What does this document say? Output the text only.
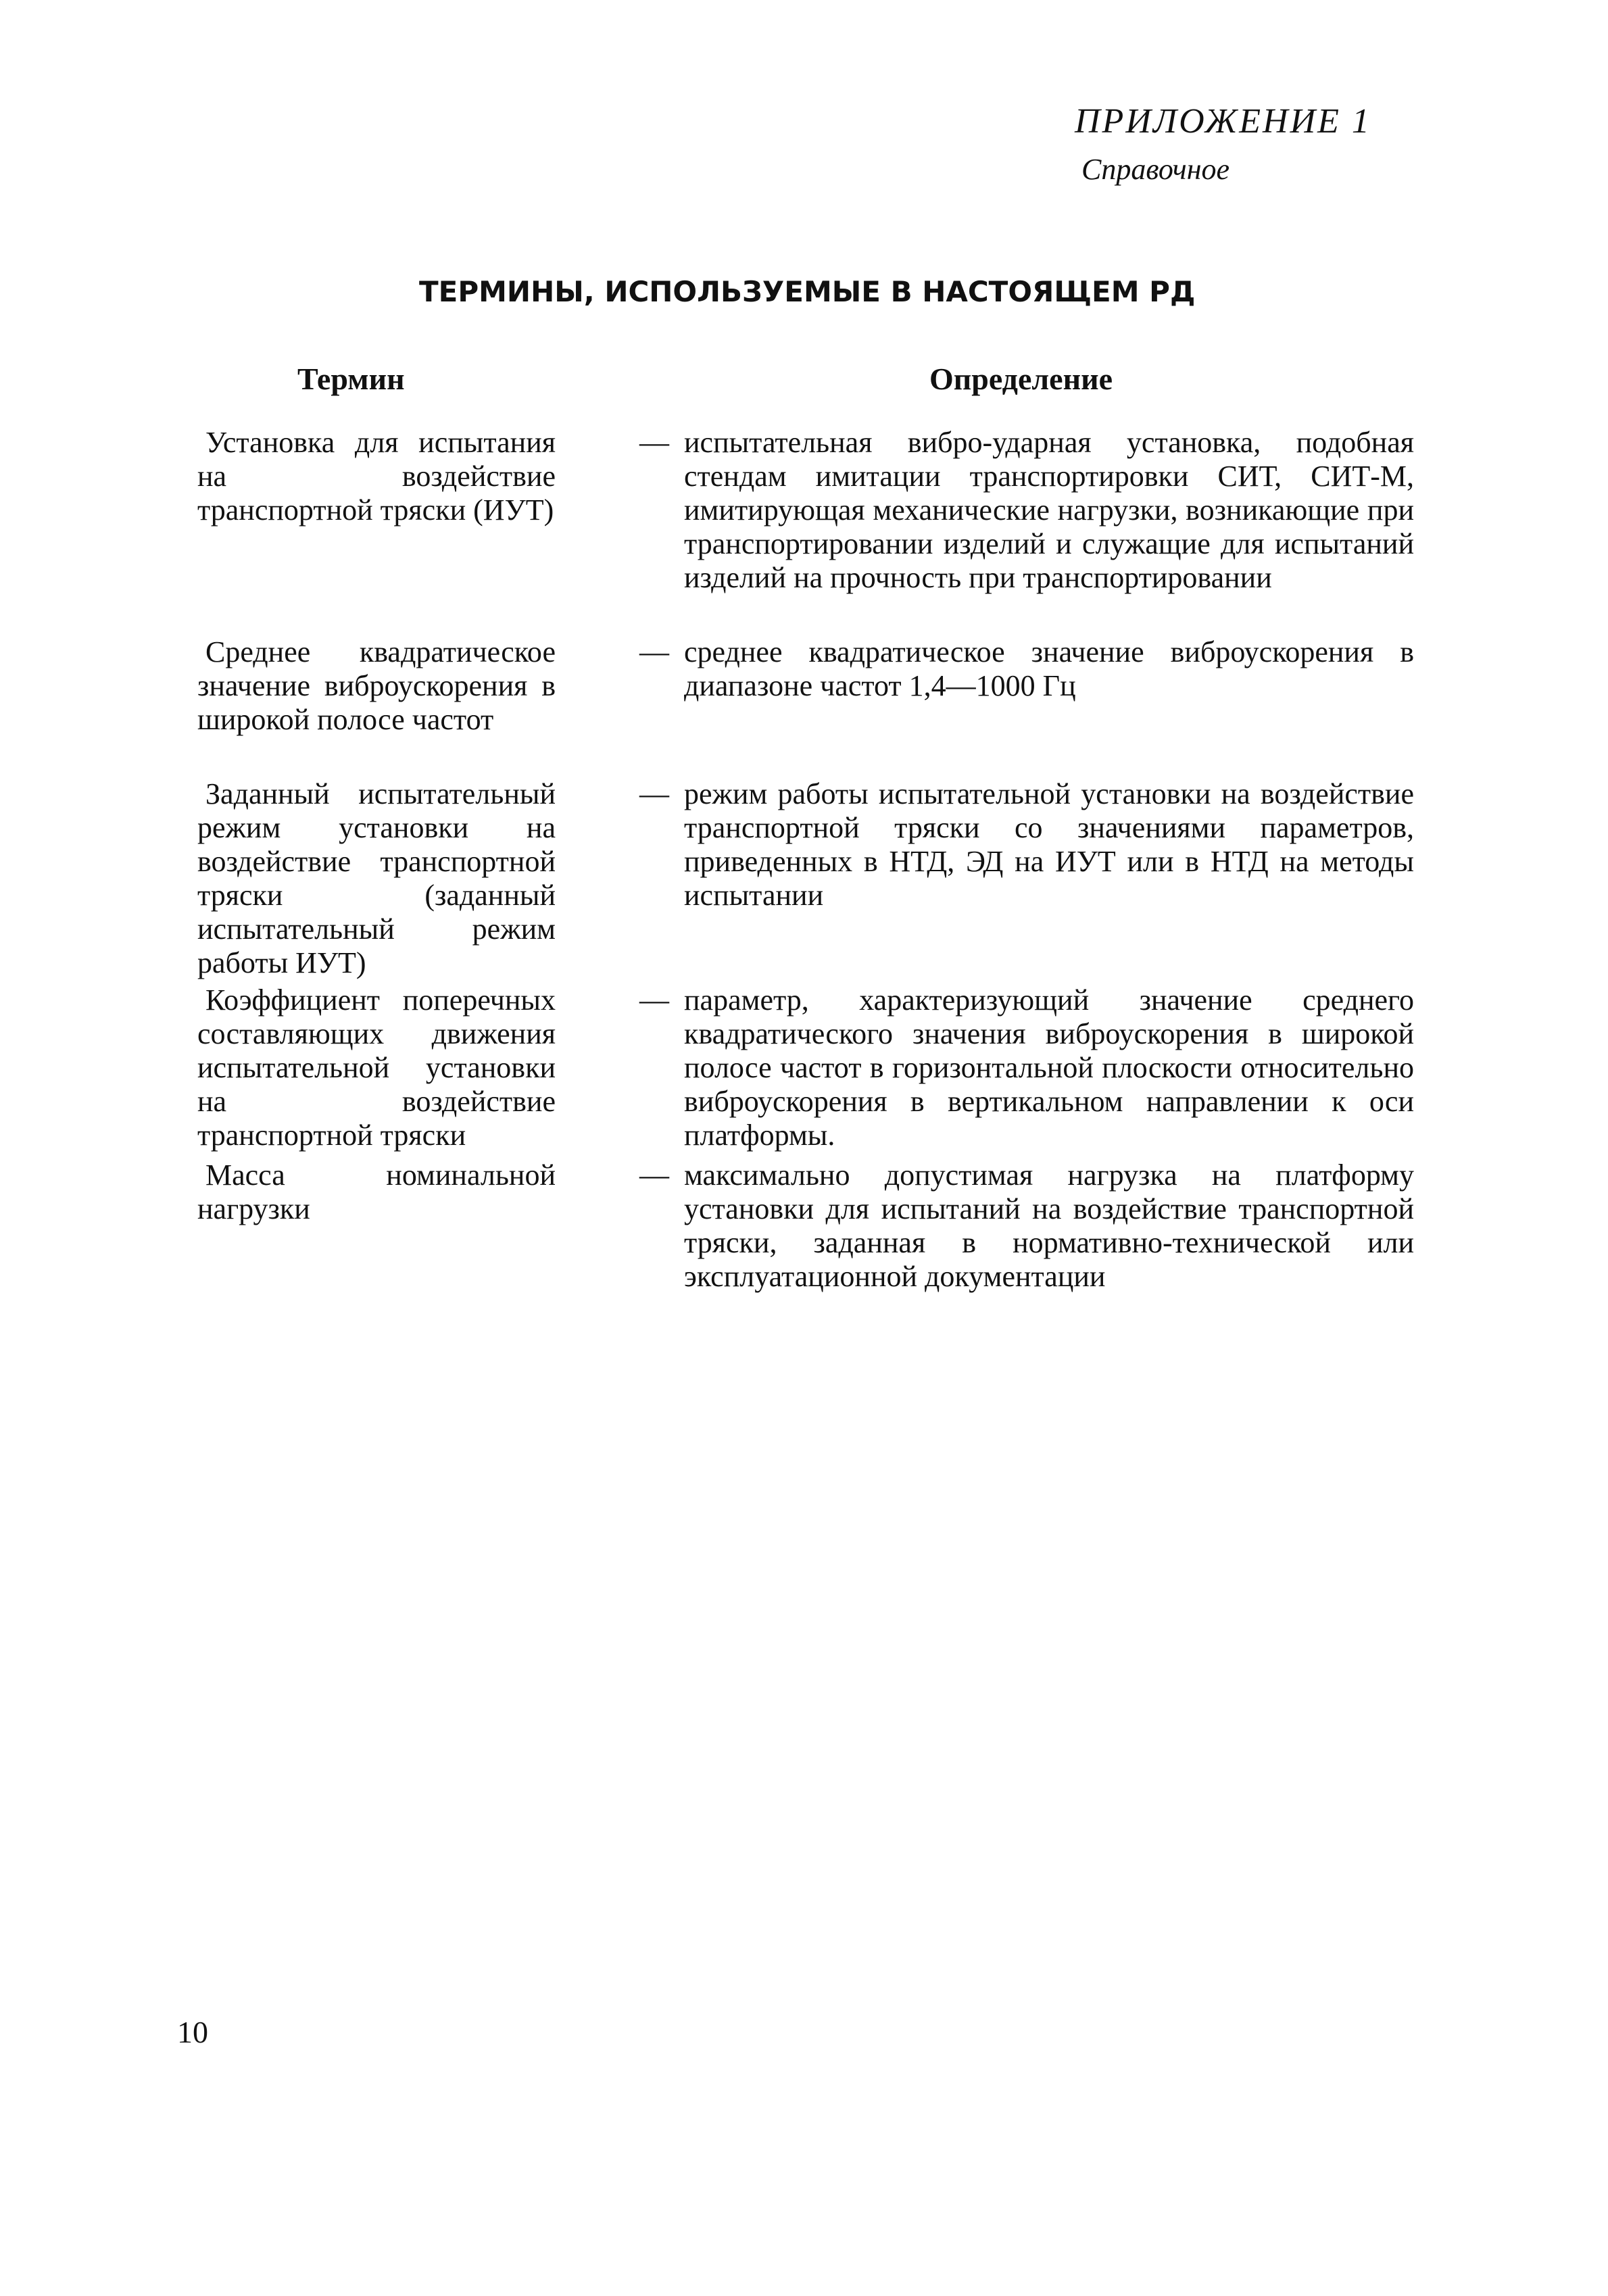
ПРИЛОЖЕНИЕ 1
Справочное
ТЕРМИНЫ, ИСПОЛЬЗУЕМЫЕ В НАСТОЯЩЕМ РД
Термин	Определение
Установка для испытания на воздействие транспортной тряски (ИУТ)
— испытательная вибро-ударная установка, подобная стендам имитации транспортировки СИТ, СИТ-М, имитирующая механические нагрузки, возникающие при транспортировании изделий и служащие для испытаний изделий на прочность при транспортировании
Среднее квадратическое значение виброускорения в широкой полосе частот
— среднее квадратическое значение виброускорения в диапазоне частот 1,4—1000 Гц
Заданный испытательный режим установки на воздействие транспортной тряски (заданный испытательный режим работы ИУТ)
— режим работы испытательной установки на воздействие транспортной тряски со значениями параметров, приведенных в НТД, ЭД на ИУТ или в НТД на методы испытании
Коэффициент поперечных составляющих движения испытательной установки на воздействие транспортной тряски
— параметр, характеризующий значение среднего квадратического значения виброускорения в широкой полосе частот в горизонтальной плоскости относительно виброускорения в вертикальном направлении к оси платформы.
Масса номинальной нагрузки
— максимально допустимая нагрузка на платформу установки для испытаний на воздействие транспортной тряски, заданная в нормативно-технической или эксплуатационной документации
10
